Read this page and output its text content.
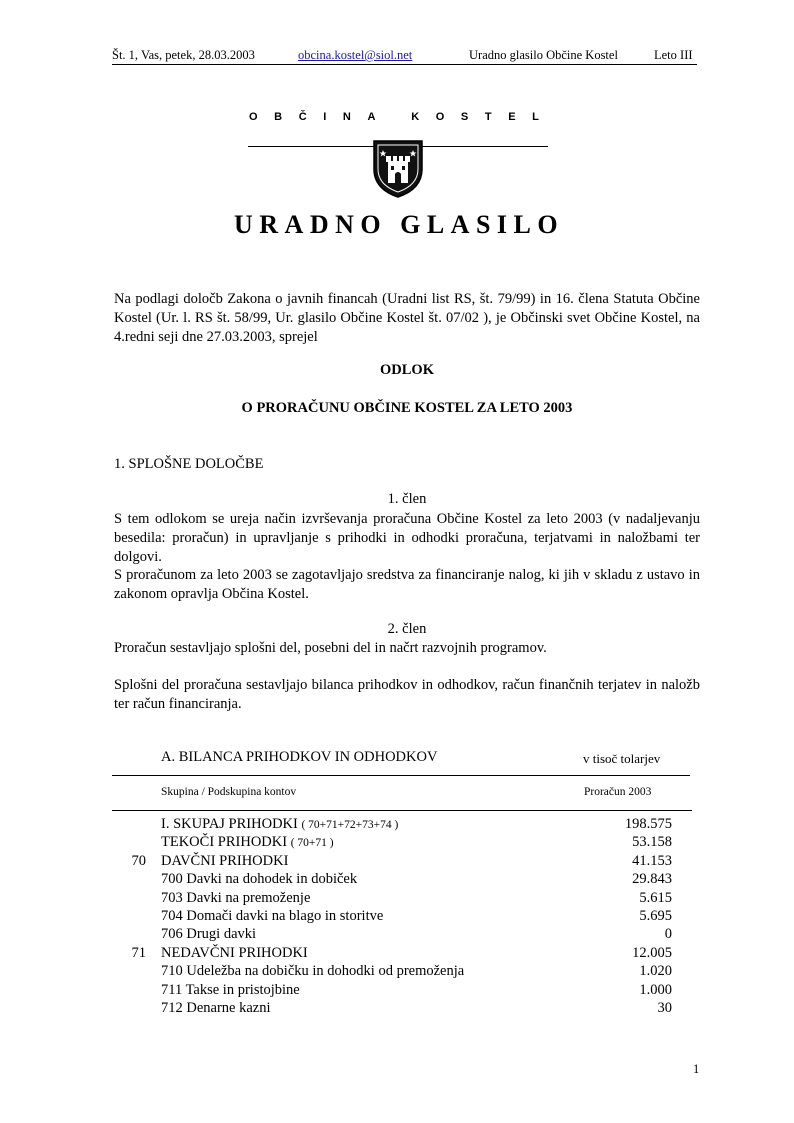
Št. 1, Vas, petek, 28.03.2003	obcina.kostel@siol.net	Uradno glasilo Občine Kostel	Leto III
OBČINA KOSTEL
URADNO GLASILO
Na podlagi določb Zakona o javnih financah (Uradni list RS, št. 79/99) in 16. člena Statuta Občine Kostel (Ur. l. RS št. 58/99, Ur. glasilo Občine Kostel št. 07/02 ), je Občinski svet Občine Kostel, na 4.redni seji dne 27.03.2003, sprejel
ODLOK
O PRORAČUNU OBČINE KOSTEL ZA LETO 2003
1. SPLOŠNE DOLOČBE
1. člen
S tem odlokom se ureja način izvrševanja proračuna Občine Kostel za leto 2003 (v nadaljevanju besedila: proračun) in upravljanje s prihodki in odhodki proračuna, terjatvami in naložbami ter dolgovi.
S proračunom za leto 2003 se zagotavljajo sredstva za financiranje nalog, ki jih v skladu z ustavo in zakonom opravlja Občina Kostel.
2. člen
Proračun sestavljajo splošni del, posebni del in načrt razvojnih programov.
Splošni del proračuna sestavljajo bilanca prihodkov in odhodkov, račun finančnih terjatev in naložb ter račun financiranja.
A. BILANCA PRIHODKOV IN ODHODKOV	v tisoč tolarjev
Skupina / Podskupina kontov	Proračun 2003
I. SKUPAJ PRIHODKI ( 70+71+72+73+74 )	198.575
TEKOČI PRIHODKI ( 70+71 )	53.158
70 DAVČNI PRIHODKI	41.153
700 Davki na dohodek in dobiček	29.843
703 Davki na premoženje	5.615
704 Domači davki na blago in storitve	5.695
706 Drugi davki	0
71 NEDAVČNI PRIHODKI	12.005
710 Udeležba na dobičku in dohodki od premoženja	1.020
711 Takse in pristojbine	1.000
712 Denarne kazni	30
1
